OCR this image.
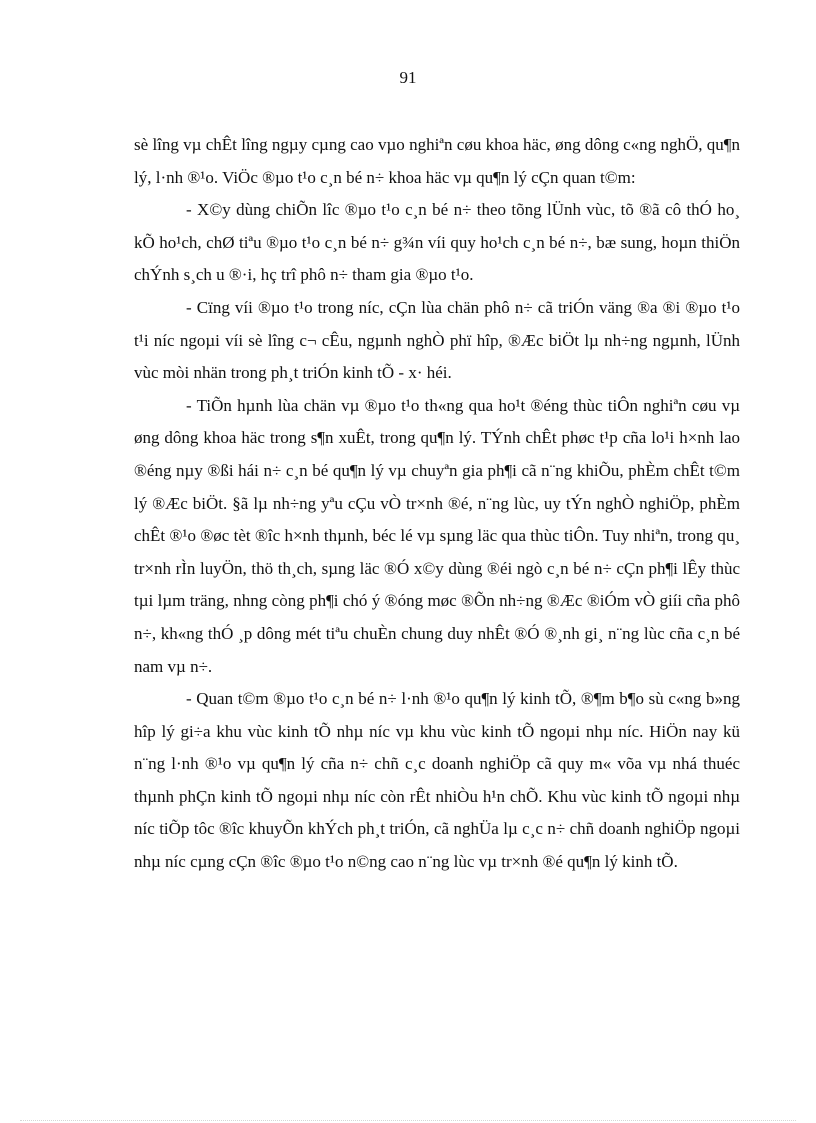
91

sè lîng vµ chÊt lîng ngµy cµng cao vµo nghiªn cøu khoa häc, øng dông c«ng nghÖ, qu¶n lý, l·nh ®¹o. ViÖc ®µo t¹o c¸n bé n÷ khoa häc vµ qu¶n lý cÇn quan t©m:

- X©y dùng chiÕn lîc ®µo t¹o c¸n bé n÷ theo tõng lÜnh vùc, tõ ®ã cô thÓ ho¸ kÕ ho¹ch, chØ tiªu ®µo t¹o c¸n bé n÷ g¾n víi quy ho¹ch c¸n bé n÷, bæ sung, hoµn thiÖn chÝnh s¸ch u ®·i, hç trî phô n÷ tham gia ®µo t¹o.

- Cïng víi ®µo t¹o trong níc, cÇn lùa chän phô n÷ cã triÓn väng ®a ®i ®µo t¹o t¹i níc ngoµi víi sè lîng c¬ cÊu, ngµnh nghÒ phï hîp, ®Æc biÖt lµ nh÷ng ngµnh, lÜnh vùc mòi nhän trong ph¸t triÓn kinh tÕ - x· héi.

- TiÕn hµnh lùa chän vµ ®µo t¹o th«ng qua ho¹t ®éng thùc tiÔn nghiªn cøu vµ øng dông khoa häc trong s¶n xuÊt, trong qu¶n lý. TÝnh chÊt phøc t¹p cña lo¹i h×nh lao ®éng nµy ®ßi hái n÷ c¸n bé qu¶n lý vµ chuyªn gia ph¶i cã n¨ng khiÕu, phÈm chÊt t©m lý ®Æc biÖt. §ã lµ nh÷ng yªu cÇu vÒ tr×nh ®é, n¨ng lùc, uy tÝn nghÒ nghiÖp, phÈm chÊt ®¹o ®øc tèt ®îc h×nh thµnh, béc lé vµ sµng läc qua thùc tiÔn. Tuy nhiªn, trong qu¸ tr×nh rÌn luyÖn, thö th¸ch, sµng läc ®Ó x©y dùng ®éi ngò c¸n bé n÷ cÇn ph¶i lÊy thùc tµi lµm träng, nhng còng ph¶i chó ý ®óng møc ®Õn nh÷ng ®Æc ®iÓm vÒ giíi cña phô n÷, kh«ng thÓ ¸p dông mét tiªu chuÈn chung duy nhÊt ®Ó ®¸nh gi¸ n¨ng lùc cña c¸n bé nam vµ n÷.

- Quan t©m ®µo t¹o c¸n bé n÷ l·nh ®¹o qu¶n lý kinh tÕ, ®¶m b¶o sù c«ng b»ng hîp lý gi÷a khu vùc kinh tÕ nhµ níc vµ khu vùc kinh tÕ ngoµi nhµ níc. HiÖn nay kü n¨ng l·nh ®¹o vµ qu¶n lý cña n÷ chñ c¸c doanh nghiÖp cã quy m« võa vµ nhá thuéc thµnh phÇn kinh tÕ ngoµi nhµ níc còn rÊt nhiÒu h¹n chÕ. Khu vùc kinh tÕ ngoµi nhµ níc tiÕp tôc ®îc khuyÕn khÝch ph¸t triÓn, cã nghÜa lµ c¸c n÷ chñ doanh nghiÖp ngoµi nhµ níc cµng cÇn ®îc ®µo t¹o n©ng cao n¨ng lùc vµ tr×nh ®é qu¶n lý kinh tÕ.
